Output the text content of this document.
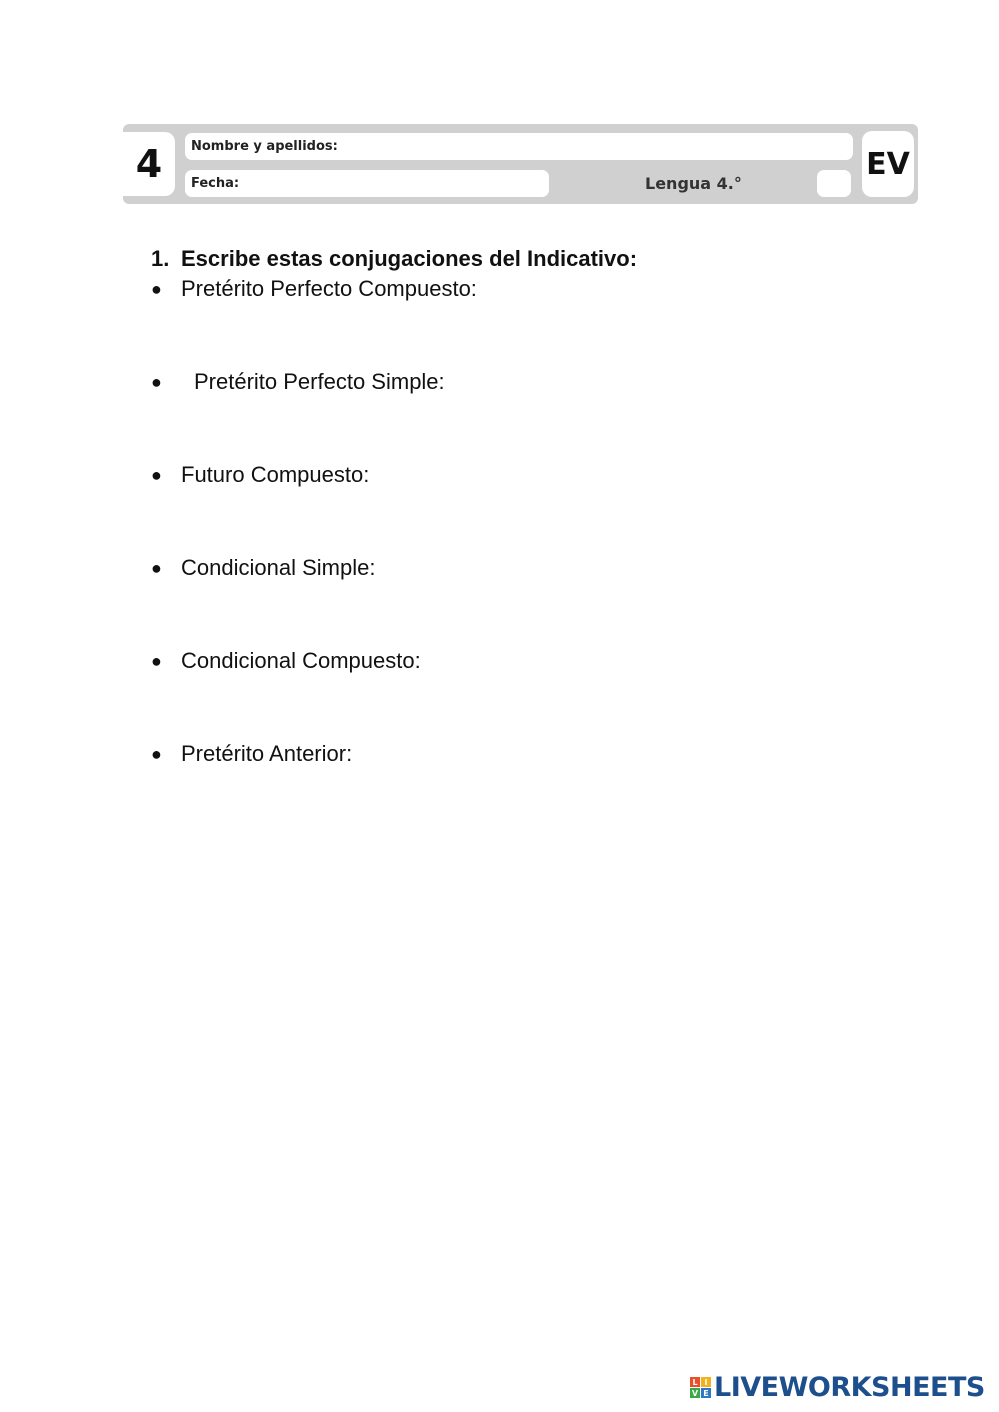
4	Nombre y apellidos:
Fecha:	Lengua 4.°
EV
1. Escribe estas conjugaciones del Indicativo:
● Pretérito Perfecto Compuesto:
●	Pretérito Perfecto Simple:
● Futuro Compuesto:
● Condicional Simple:
● Condicional Compuesto:
● Pretérito Anterior:
L I
V E LIVEWORKSHEETS
